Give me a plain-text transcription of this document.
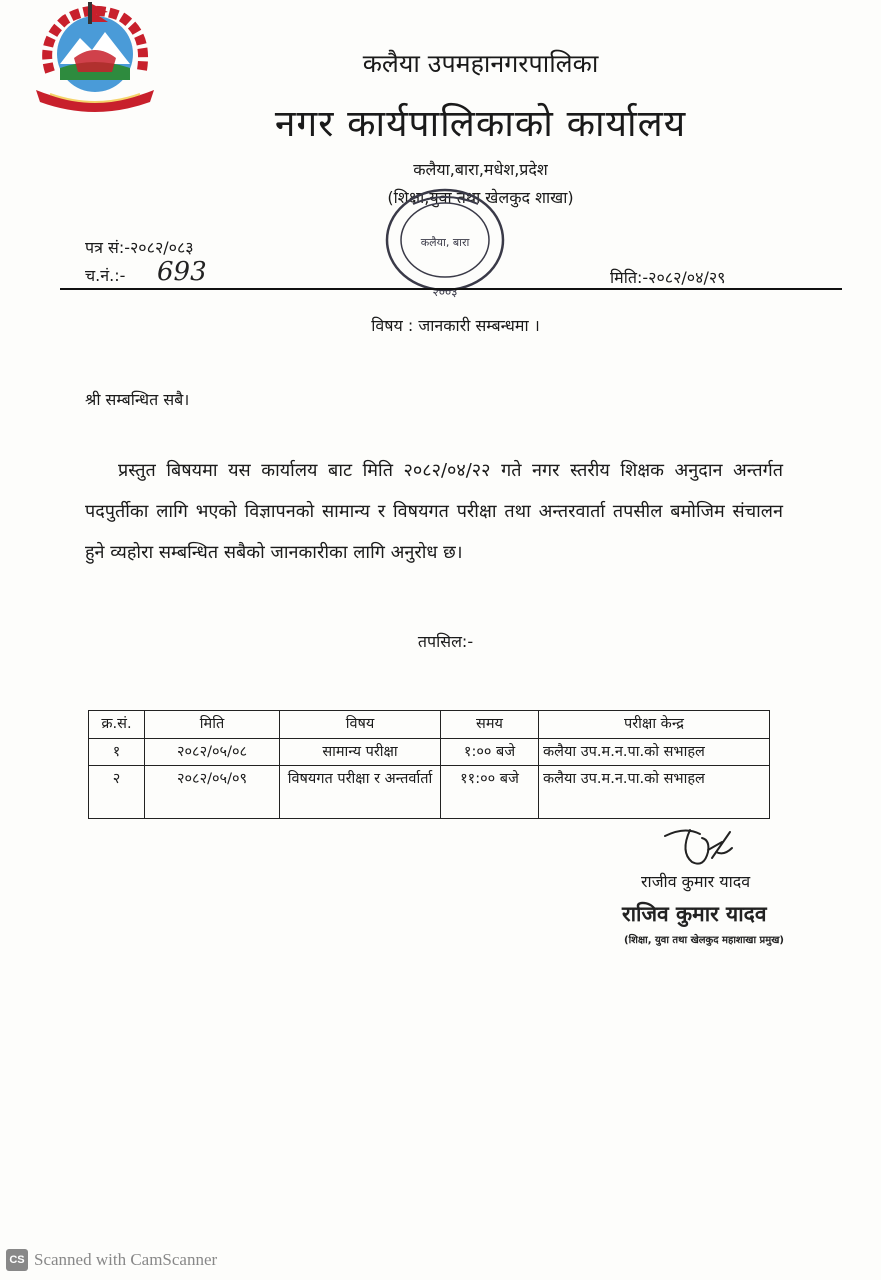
कलैया उपमहानगरपालिका
नगर कार्यपालिकाको कार्यालय
कलैया,बारा,मधेश,प्रदेश
(शिक्षा,युवा तथा खेलकुद शाखा)
कलैया, बारा
२००३
पत्र सं:-२०८२/०८३
च.नं.:- 693	मिति:-२०८२/०४/२९
विषय : जानकारी सम्बन्धमा ।
श्री सम्बन्धित सबै।
प्रस्तुत बिषयमा यस कार्यालय बाट मिति २०८२/०४/२२ गते नगर स्तरीय शिक्षक अनुदान अन्तर्गत पदपुर्तीका लागि भएको विज्ञापनको सामान्य र विषयगत परीक्षा तथा अन्तरवार्ता तपसील बमोजिम संचालन हुने व्यहोरा सम्बन्धित सबैको जानकारीका लागि अनुरोध छ।
तपसिल:-
क्र.सं.	मिति	विषय	समय	परीक्षा केन्द्र
१	२०८२/०५/०८	सामान्य परीक्षा	१:०० बजे	कलैया उप.म.न.पा.को सभाहल
२	२०८२/०५/०९	विषयगत परीक्षा र अन्तर्वार्ता	११:०० बजे	कलैया उप.म.न.पा.को सभाहल
राजीव कुमार यादव
राजिव कुमार यादव
(शिक्षा, युवा तथा खेलकुद महाशाखा प्रमुख)
CS Scanned with CamScanner
